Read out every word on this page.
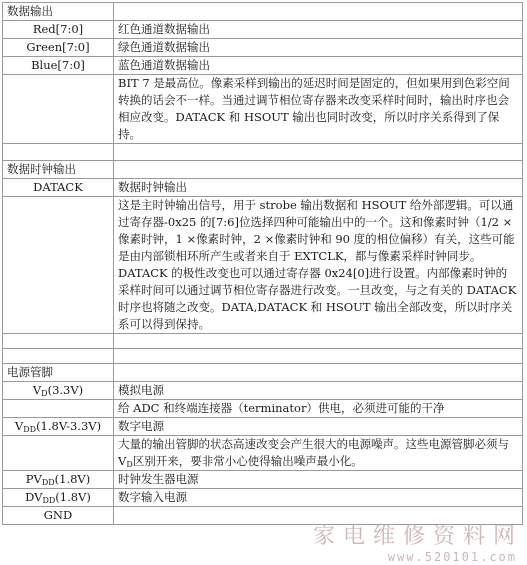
数据输出	
Red[7:0]	红色通道数据输出
Green[7:0]	绿色通道数据输出
Blue[7:0]	蓝色通道数据输出
	BIT 7 是最高位。像素采样到输出的延迟时间是固定的，但如果用到色彩空间转换的话会不一样。当通过调节相位寄存器来改变采样时间时，输出时序也会相应改变。DATACK 和 HSOUT 输出也同时改变，所以时序关系得到了保持。

数据时钟输出	
DATACK	数据时钟输出
	这是主时钟输出信号，用于 strobe 输出数据和 HSOUT 给外部逻辑。可以通过寄存器-0x25 的[7:6]位选择四种可能输出中的一个。这和像素时钟（1/2 ×像素时钟，1 ×像素时钟，2 ×像素时钟和 90 度的相位偏移）有关，这些可能是由内部锁相环所产生或者来自于 EXTCLK，都与像素采样时钟同步。DATACK 的极性改变也可以通过寄存器 0x24[0]进行设置。内部像素时钟的采样时间可以通过调节相位寄存器进行改变。一旦改变，与之有关的 DATACK 时序也将随之改变。DATA,DATACK 和 HSOUT 输出全部改变，所以时序关系可以得到保持。

电源管脚	
$V_D(3.3V)$	模拟电源
	给 ADC 和终端连接器（terminator）供电，必须进可能的干净
$V_{DD}(1.8V-3.3V)$	数字电源
	大量的输出管脚的状态高速改变会产生很大的电源噪声。这些电源管脚必须与$V_D$区别开来，要非常小心使得输出噪声最小化。
$PV_{DD}(1.8V)$	时钟发生器电源
$DV_{DD}(1.8V)$	数字输入电源
GND	
家电维修资料网
www.520101.com
